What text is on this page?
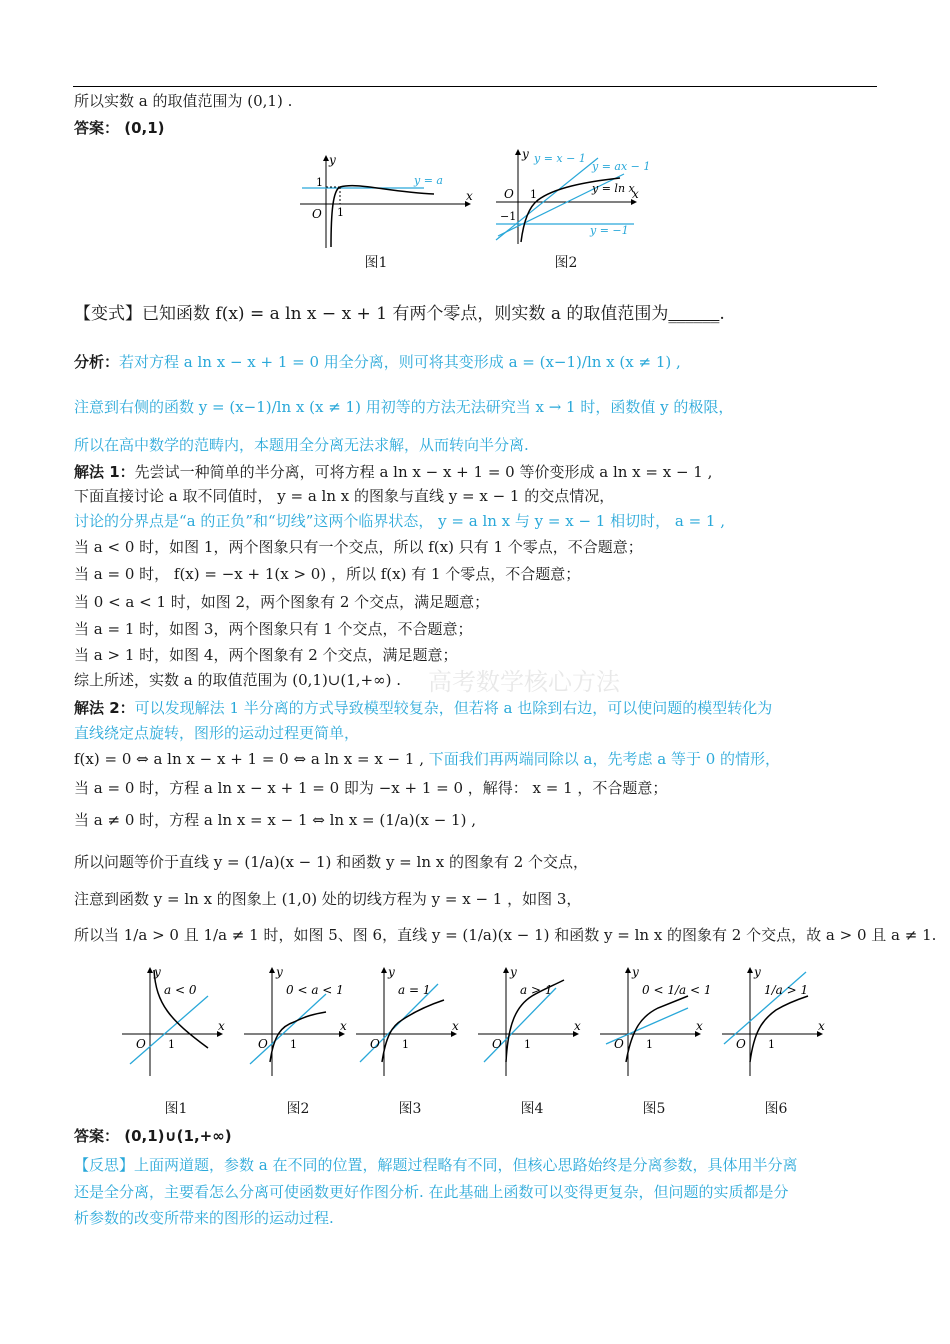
所以实数 a 的取值范围为 (0,1) .
答案： (0,1)
y
x
O 1
1	y = a
图1
y
x
O 1
−1
y = x − 1
y = ax − 1
y = ln x
y = −1
图2
【变式】已知函数 f(x) = a ln x − x + 1 有两个零点，则实数 a 的取值范围为______.
分析：若对方程 a ln x − x + 1 = 0 用全分离，则可将其变形成 a = (x−1)/ln x (x ≠ 1) ,
注意到右侧的函数 y = (x−1)/ln x (x ≠ 1) 用初等的方法无法研究当 x → 1 时，函数值 y 的极限，
所以在高中数学的范畴内，本题用全分离无法求解，从而转向半分离.
解法 1：先尝试一种简单的半分离，可将方程 a ln x − x + 1 = 0 等价变形成 a ln x = x − 1 ,
下面直接讨论 a 取不同值时， y = a ln x 的图象与直线 y = x − 1 的交点情况，
讨论的分界点是“a 的正负”和“切线”这两个临界状态， y = a ln x 与 y = x − 1 相切时， a = 1 ,
当 a < 0 时，如图 1，两个图象只有一个交点，所以 f(x) 只有 1 个零点，不合题意；
当 a = 0 时， f(x) = −x + 1(x > 0) ，所以 f(x) 有 1 个零点，不合题意；
当 0 < a < 1 时，如图 2，两个图象有 2 个交点，满足题意；
当 a = 1 时，如图 3，两个图象只有 1 个交点，不合题意；
当 a > 1 时，如图 4，两个图象有 2 个交点，满足题意；
综上所述，实数 a 的取值范围为 (0,1)∪(1,+∞) . 高考数学核心方法
解法 2：可以发现解法 1 半分离的方式导致模型较复杂，但若将 a 也除到右边，可以使问题的模型转化为
直线绕定点旋转，图形的运动过程更简单，
f(x) = 0 ⇔ a ln x − x + 1 = 0 ⇔ a ln x = x − 1 , 下面我们再两端同除以 a，先考虑 a 等于 0 的情形，
当 a = 0 时，方程 a ln x − x + 1 = 0 即为 −x + 1 = 0 ，解得： x = 1 ，不合题意；
当 a ≠ 0 时，方程 a ln x = x − 1 ⇔ ln x = (1/a)(x − 1) ,
所以问题等价于直线 y = (1/a)(x − 1) 和函数 y = ln x 的图象有 2 个交点，
注意到函数 y = ln x 的图象上 (1,0) 处的切线方程为 y = x − 1 ，如图 3，
所以当 1/a > 0 且 1/a ≠ 1 时，如图 5、图 6，直线 y = (1/a)(x − 1) 和函数 y = ln x 的图象有 2 个交点，故 a > 0 且 a ≠ 1.
y
x
O 1
a < 0
图1
y
x
O 1
0 < a < 1
图2
y
x
O 1
a = 1
图3
y
x
O 1
a > 1
图4
y
x
O 1
0 < 1/a < 1
图5
y
x
O 1
1/a > 1
图6
答案： (0,1)∪(1,+∞)
【反思】上面两道题，参数 a 在不同的位置，解题过程略有不同，但核心思路始终是分离参数，具体用半分离
还是全分离，主要看怎么分离可使函数更好作图分析. 在此基础上函数可以变得更复杂，但问题的实质都是分
析参数的改变所带来的图形的运动过程.
